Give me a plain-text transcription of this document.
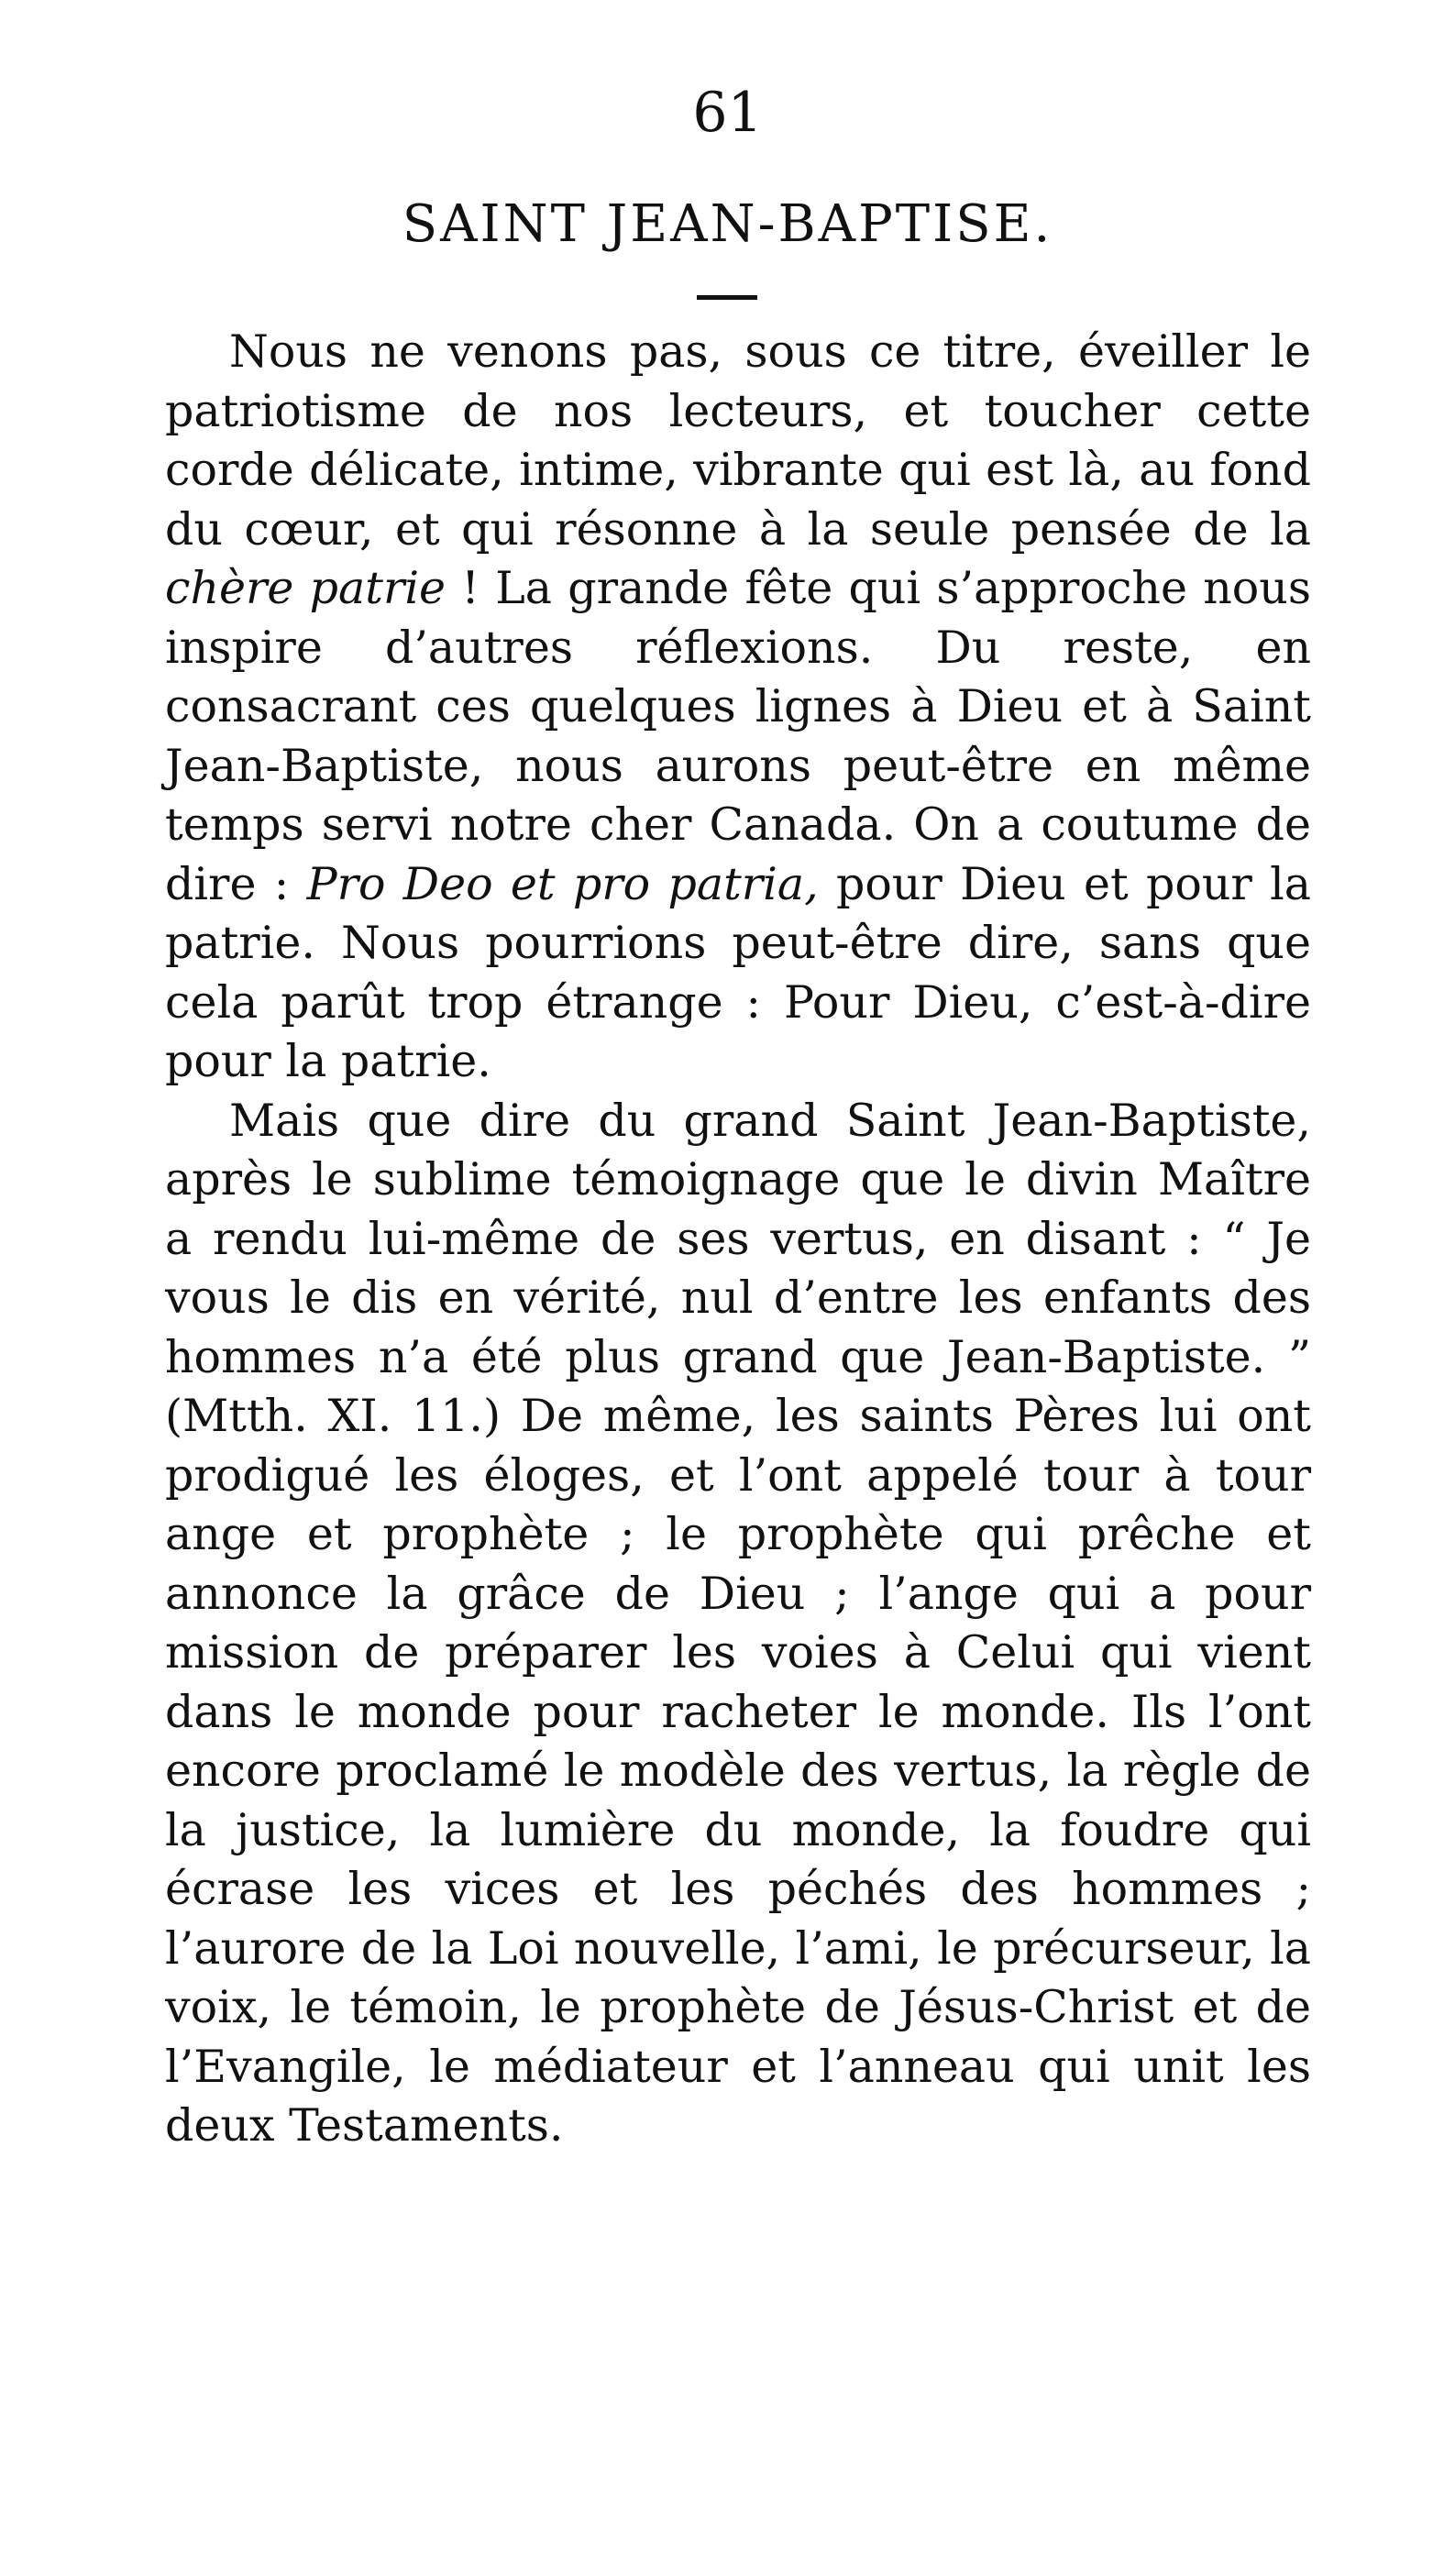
61
SAINT JEAN-BAPTISE.

Nous ne venons pas, sous ce titre, éveiller le patriotisme de nos lecteurs, et toucher cette corde délicate, intime, vibrante qui est là, au fond du cœur, et qui résonne à la seule pensée de la chère patrie ! La grande fête qui s’approche nous inspire d’autres réflexions. Du reste, en consacrant ces quelques lignes à Dieu et à Saint Jean-Baptiste, nous aurons peut-être en même temps servi notre cher Canada. On a coutume de dire : Pro Deo et pro patria, pour Dieu et pour la patrie. Nous pourrions peut-être dire, sans que cela parût trop étrange : Pour Dieu, c’est-à-dire pour la patrie.

Mais que dire du grand Saint Jean-Baptiste, après le sublime témoignage que le divin Maître a rendu lui-même de ses vertus, en disant : “ Je vous le dis en vérité, nul d’entre les enfants des hommes n’a été plus grand que Jean-Baptiste. ” (Mtth. XI. 11.) De même, les saints Pères lui ont prodigué les éloges, et l’ont appelé tour à tour ange et prophète ; le prophète qui prêche et annonce la grâce de Dieu ; l’ange qui a pour mission de préparer les voies à Celui qui vient dans le monde pour racheter le monde. Ils l’ont encore proclamé le modèle des vertus, la règle de la justice, la lumière du monde, la foudre qui écrase les vices et les péchés des hommes ; l’aurore de la Loi nouvelle, l’ami, le précurseur, la voix, le témoin, le prophète de Jésus-Christ et de l’Evangile, le médiateur et l’anneau qui unit les deux Testaments.
